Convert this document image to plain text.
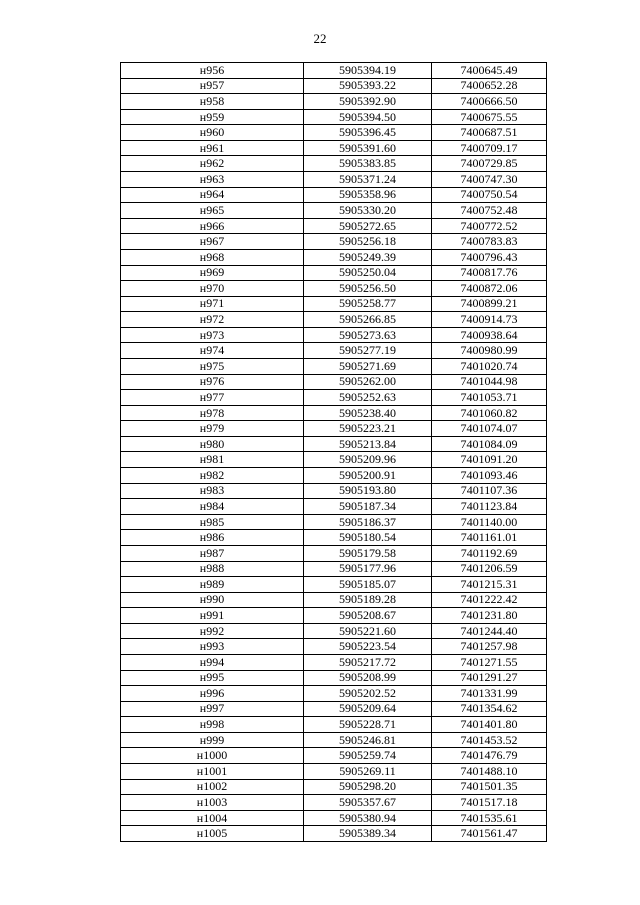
22
н956	5905394.19	7400645.49
н957	5905393.22	7400652.28
н958	5905392.90	7400666.50
н959	5905394.50	7400675.55
н960	5905396.45	7400687.51
н961	5905391.60	7400709.17
н962	5905383.85	7400729.85
н963	5905371.24	7400747.30
н964	5905358.96	7400750.54
н965	5905330.20	7400752.48
н966	5905272.65	7400772.52
н967	5905256.18	7400783.83
н968	5905249.39	7400796.43
н969	5905250.04	7400817.76
н970	5905256.50	7400872.06
н971	5905258.77	7400899.21
н972	5905266.85	7400914.73
н973	5905273.63	7400938.64
н974	5905277.19	7400980.99
н975	5905271.69	7401020.74
н976	5905262.00	7401044.98
н977	5905252.63	7401053.71
н978	5905238.40	7401060.82
н979	5905223.21	7401074.07
н980	5905213.84	7401084.09
н981	5905209.96	7401091.20
н982	5905200.91	7401093.46
н983	5905193.80	7401107.36
н984	5905187.34	7401123.84
н985	5905186.37	7401140.00
н986	5905180.54	7401161.01
н987	5905179.58	7401192.69
н988	5905177.96	7401206.59
н989	5905185.07	7401215.31
н990	5905189.28	7401222.42
н991	5905208.67	7401231.80
н992	5905221.60	7401244.40
н993	5905223.54	7401257.98
н994	5905217.72	7401271.55
н995	5905208.99	7401291.27
н996	5905202.52	7401331.99
н997	5905209.64	7401354.62
н998	5905228.71	7401401.80
н999	5905246.81	7401453.52
н1000	5905259.74	7401476.79
н1001	5905269.11	7401488.10
н1002	5905298.20	7401501.35
н1003	5905357.67	7401517.18
н1004	5905380.94	7401535.61
н1005	5905389.34	7401561.47
